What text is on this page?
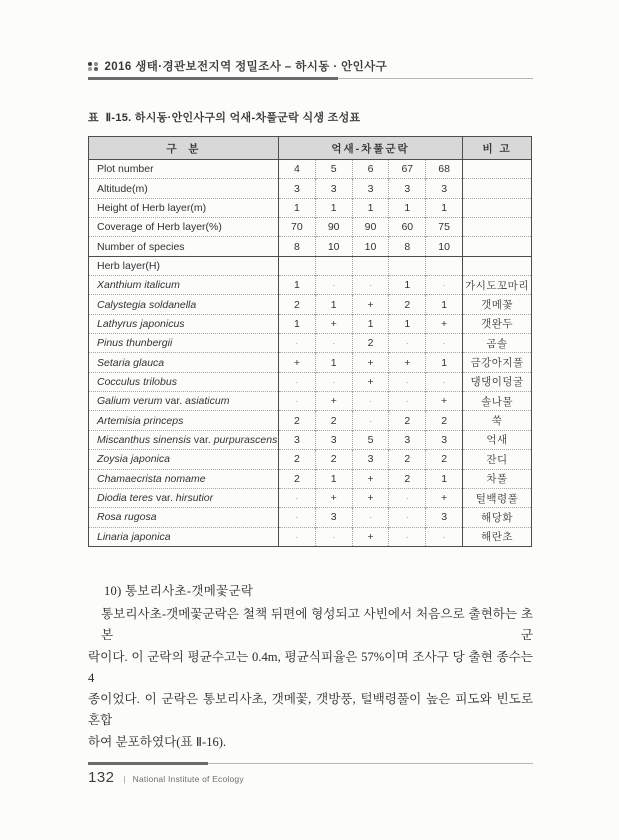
2016 생태·경관보전지역 정밀조사 – 하시동 · 안인사구
표  Ⅱ-15. 하시동·안인사구의 억새-차풀군락 식생 조성표
구  분	억새-차풀군락					비 고
Plot number	4	5	6	67	68	
Altitude(m)	3	3	3	3	3	
Height of Herb layer(m)	1	1	1	1	1	
Coverage of Herb layer(%)	70	90	90	60	75	
Number of species	8	10	10	8	10	
Herb layer(H)						
Xanthium italicum	1	·	·	1	·	가시도꼬마리
Calystegia soldanella	2	1	+	2	1	갯메꽃
Lathyrus japonicus	1	+	1	1	+	갯완두
Pinus thunbergii	·	·	2	·	·	곰솔
Setaria glauca	+	1	+	+	1	금강아지풀
Cocculus trilobus	·	·	+	·	·	댕댕이덩굴
Galium verum var. asiaticum	·	+	·	·	+	솔나물
Artemisia princeps	2	2	·	2	2	쑥
Miscanthus sinensis var. purpurascens	3	3	5	3	3	억새
Zoysia japonica	2	2	3	2	2	잔디
Chamaecrista nomame	2	1	+	2	1	차풀
Diodia teres var. hirsutior	·	+	+	·	+	털백령풀
Rosa rugosa	·	3	·	·	3	해당화
Linaria japonica	·	·	+	·	·	해란초
10) 통보리사초-갯메꽃군락
통보리사초-갯메꽃군락은 철책 뒤편에 형성되고 사빈에서 처음으로 출현하는 초본 군
락이다. 이 군락의 평균수고는 0.4m, 평균식피율은 57%이며 조사구 당 출현 종수는 4
종이었다. 이 군락은 통보리사초, 갯메꽃, 갯방풍, 털백령풀이 높은 피도와 빈도로 혼합
하여 분포하였다(표 Ⅱ-16).
132 | National Institute of Ecology
